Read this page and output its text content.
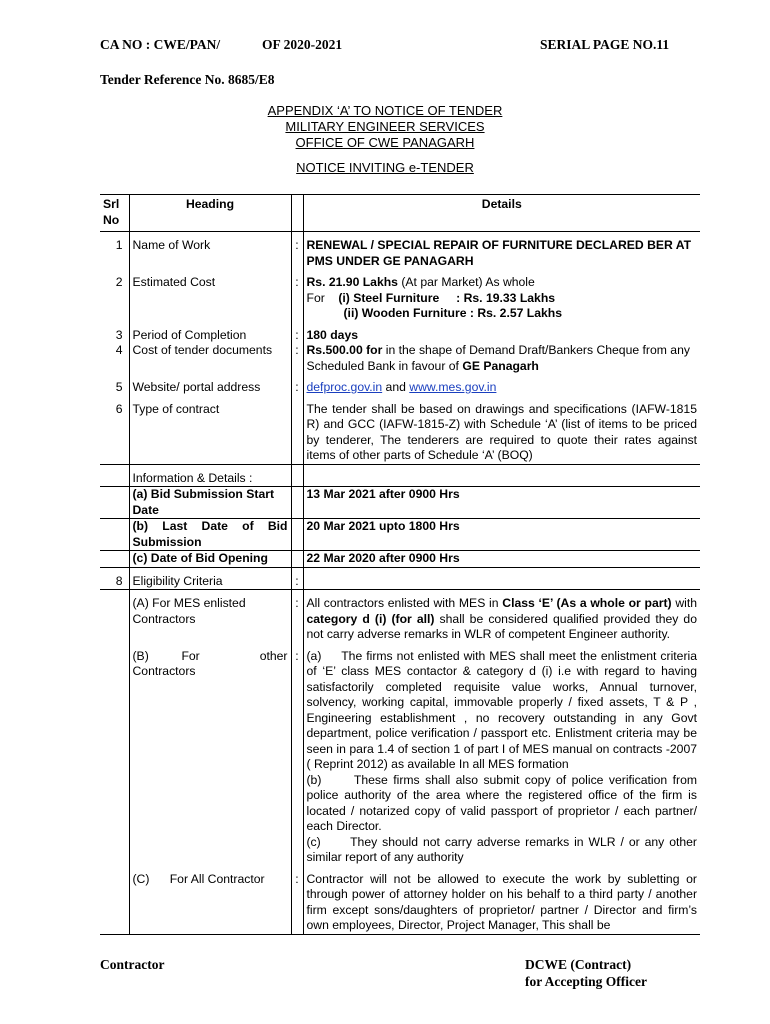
CA NO : CWE/PAN/	OF 2020-2021	SERIAL PAGE NO.11
Tender Reference No. 8685/E8
APPENDIX ‘A’ TO NOTICE OF TENDER
MILITARY ENGINEER SERVICES
OFFICE OF CWE PANAGARH
NOTICE INVITING e-TENDER
Srl
No	Heading		Details

1	Name of Work	:	RENEWAL / SPECIAL REPAIR OF FURNITURE DECLARED BER AT PMS UNDER GE PANAGARH

2	Estimated Cost	:	Rs. 21.90 Lakhs (At par Market) As whole
For (i) Steel Furniture     : Rs. 19.33 Lakhs
(ii) Wooden Furniture : Rs. 2.57 Lakhs

3	Period of Completion	:	180 days
4	Cost of tender documents	:	Rs.500.00 for in the shape of Demand Draft/Bankers Cheque from any Scheduled Bank in favour of GE Panagarh

5	Website/ portal address	:	defproc.gov.in and www.mes.gov.in

6	Type of contract		The tender shall be based on drawings and specifications (IAFW-1815 R) and GCC (IAFW-1815-Z) with Schedule ‘A’ (list of items to be priced by tenderer, The tenderers are required to quote their rates against items of other parts of Schedule ‘A’ (BOQ)

	Information & Details :		
	(a) Bid Submission Start Date		13 Mar 2021 after 0900 Hrs
	(b) Last Date of Bid Submission		20 Mar 2021 upto 1800 Hrs
	(c) Date of Bid Opening		22 Mar 2020 after 0900 Hrs

8	Eligibility Criteria	:	

	(A) For MES enlisted Contractors	:	All contractors enlisted with MES in Class ‘E’ (As a whole or part) with category d (i) (for all) shall be considered qualified provided they do not carry adverse remarks in WLR of competent Engineer authority.

	(B)      For           other Contractors	:	(a)     The firms not enlisted with MES shall meet the enlistment criteria  of ‘E’ class MES contactor & category d (i) i.e with regard to having satisfactorily completed requisite value works, Annual turnover, solvency, working capital, immovable properly / fixed assets, T & P , Engineering establishment , no recovery outstanding in any Govt department, police verification / passport etc. Enlistment criteria may be seen in para 1.4 of section 1 of part I of MES manual on contracts -2007 ( Reprint 2012) as available In all MES formation
(b)      These firms shall also submit copy of police verification from police authority of the area where the registered office of the firm is located / notarized copy of valid passport of proprietor / each partner/ each Director.
(c)      They should not carry adverse remarks in WLR / or any other similar report of any authority

	(C)      For All Contractor	:	Contractor will not be allowed to execute the work by subletting or through power of attorney holder on his behalf to a third party / another firm except sons/daughters of proprietor/ partner / Director and firm’s own employees, Director, Project Manager, This shall be
Contractor	DCWE (Contract)
for Accepting Officer
